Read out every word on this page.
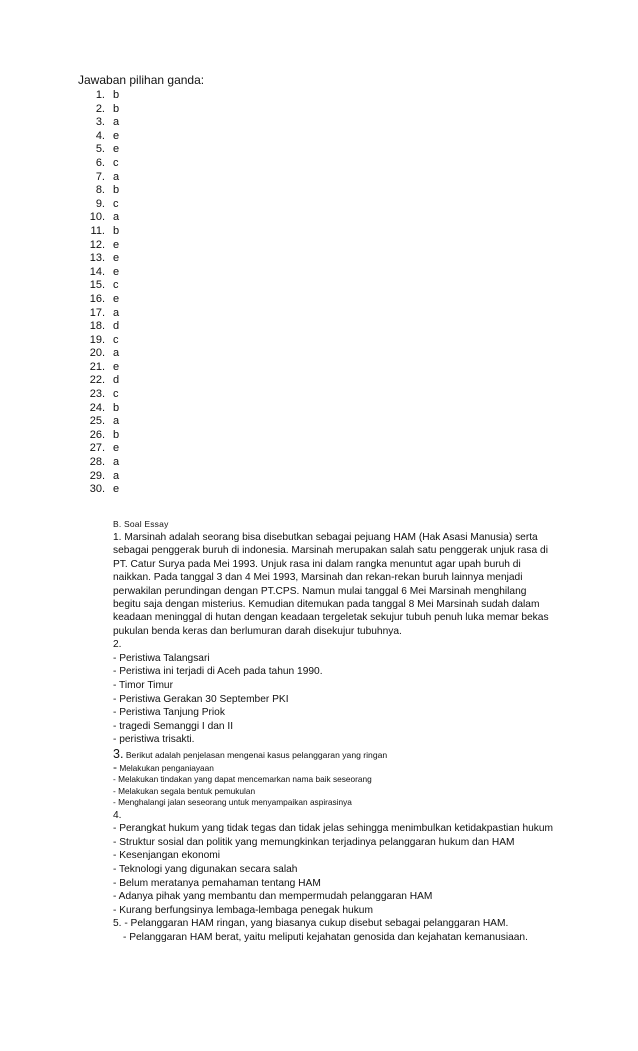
Jawaban pilihan ganda:
1. b
2. b
3. a
4. e
5. e
6. c
7. a
8. b
9. c
10. a
11. b
12. e
13. e
14. e
15. c
16. e
17. a
18. d
19. c
20. a
21. e
22. d
23. c
24. b
25. a
26. b
27. e
28. a
29. a
30. e
B. Soal Essay
1. Marsinah adalah seorang bisa disebutkan sebagai pejuang HAM (Hak Asasi Manusia) serta
sebagai penggerak buruh di indonesia. Marsinah merupakan salah satu penggerak unjuk rasa di
PT. Catur Surya pada Mei 1993. Unjuk rasa ini dalam rangka menuntut agar upah buruh di
naikkan. Pada tanggal 3 dan 4 Mei 1993, Marsinah dan rekan-rekan buruh lainnya menjadi
perwakilan perundingan dengan PT.CPS. Namun mulai tanggal 6 Mei Marsinah menghilang
begitu saja dengan misterius. Kemudian ditemukan pada tanggal 8 Mei Marsinah sudah dalam
keadaan meninggal di hutan dengan keadaan tergeletak sekujur tubuh penuh luka memar bekas
pukulan benda keras dan berlumuran darah disekujur tubuhnya.
2.
- Peristiwa Talangsari
- Peristiwa ini terjadi di Aceh pada tahun 1990.
- Timor Timur
- Peristiwa Gerakan 30 September PKI
- Peristiwa Tanjung Priok
- tragedi Semanggi I dan II
- peristiwa trisakti.
3. Berikut adalah penjelasan mengenai kasus pelanggaran yang ringan
- Melakukan penganiayaan
- Melakukan tindakan yang dapat mencemarkan nama baik seseorang
- Melakukan segala bentuk pemukulan
- Menghalangi jalan seseorang untuk menyampaikan aspirasinya
4.
- Perangkat hukum yang tidak tegas dan tidak jelas sehingga menimbulkan ketidakpastian hukum
- Struktur sosial dan politik yang memungkinkan terjadinya pelanggaran hukum dan HAM
- Kesenjangan ekonomi
- Teknologi yang digunakan secara salah
- Belum meratanya pemahaman tentang HAM
- Adanya pihak yang membantu dan mempermudah pelanggaran HAM
- Kurang berfungsinya lembaga-lembaga penegak hukum
5. - Pelanggaran HAM ringan, yang biasanya cukup disebut sebagai pelanggaran HAM.
- Pelanggaran HAM berat, yaitu meliputi kejahatan genosida dan kejahatan kemanusiaan.
